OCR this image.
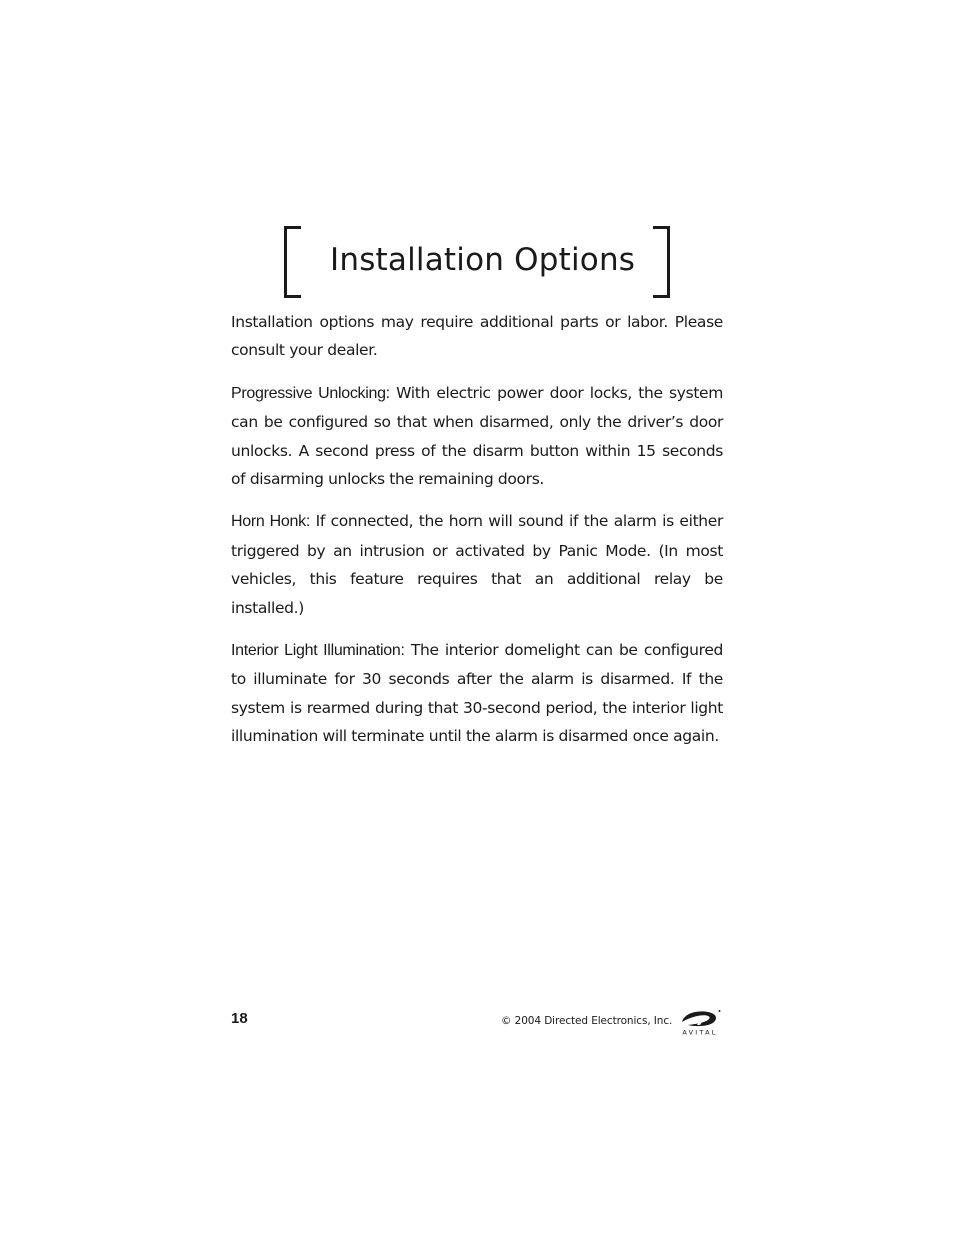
Installation Options

Installation options may require additional parts or labor. Please consult your dealer.

Progressive Unlocking: With electric power door locks, the system can be configured so that when disarmed, only the driver’s door unlocks. A second press of the disarm button within 15 seconds of disarming unlocks the remaining doors.

Horn Honk: If connected, the horn will sound if the alarm is either triggered by an intrusion or activated by Panic Mode. (In most vehicles, this feature requires that an additional relay be installed.)

Interior Light Illumination: The interior domelight can be configured to illuminate for 30 seconds after the alarm is disarmed. If the system is rearmed during that 30-second period, the interior light illumination will terminate until the alarm is disarmed once again.

18	© 2004 Directed Electronics, Inc.
AVITAL
